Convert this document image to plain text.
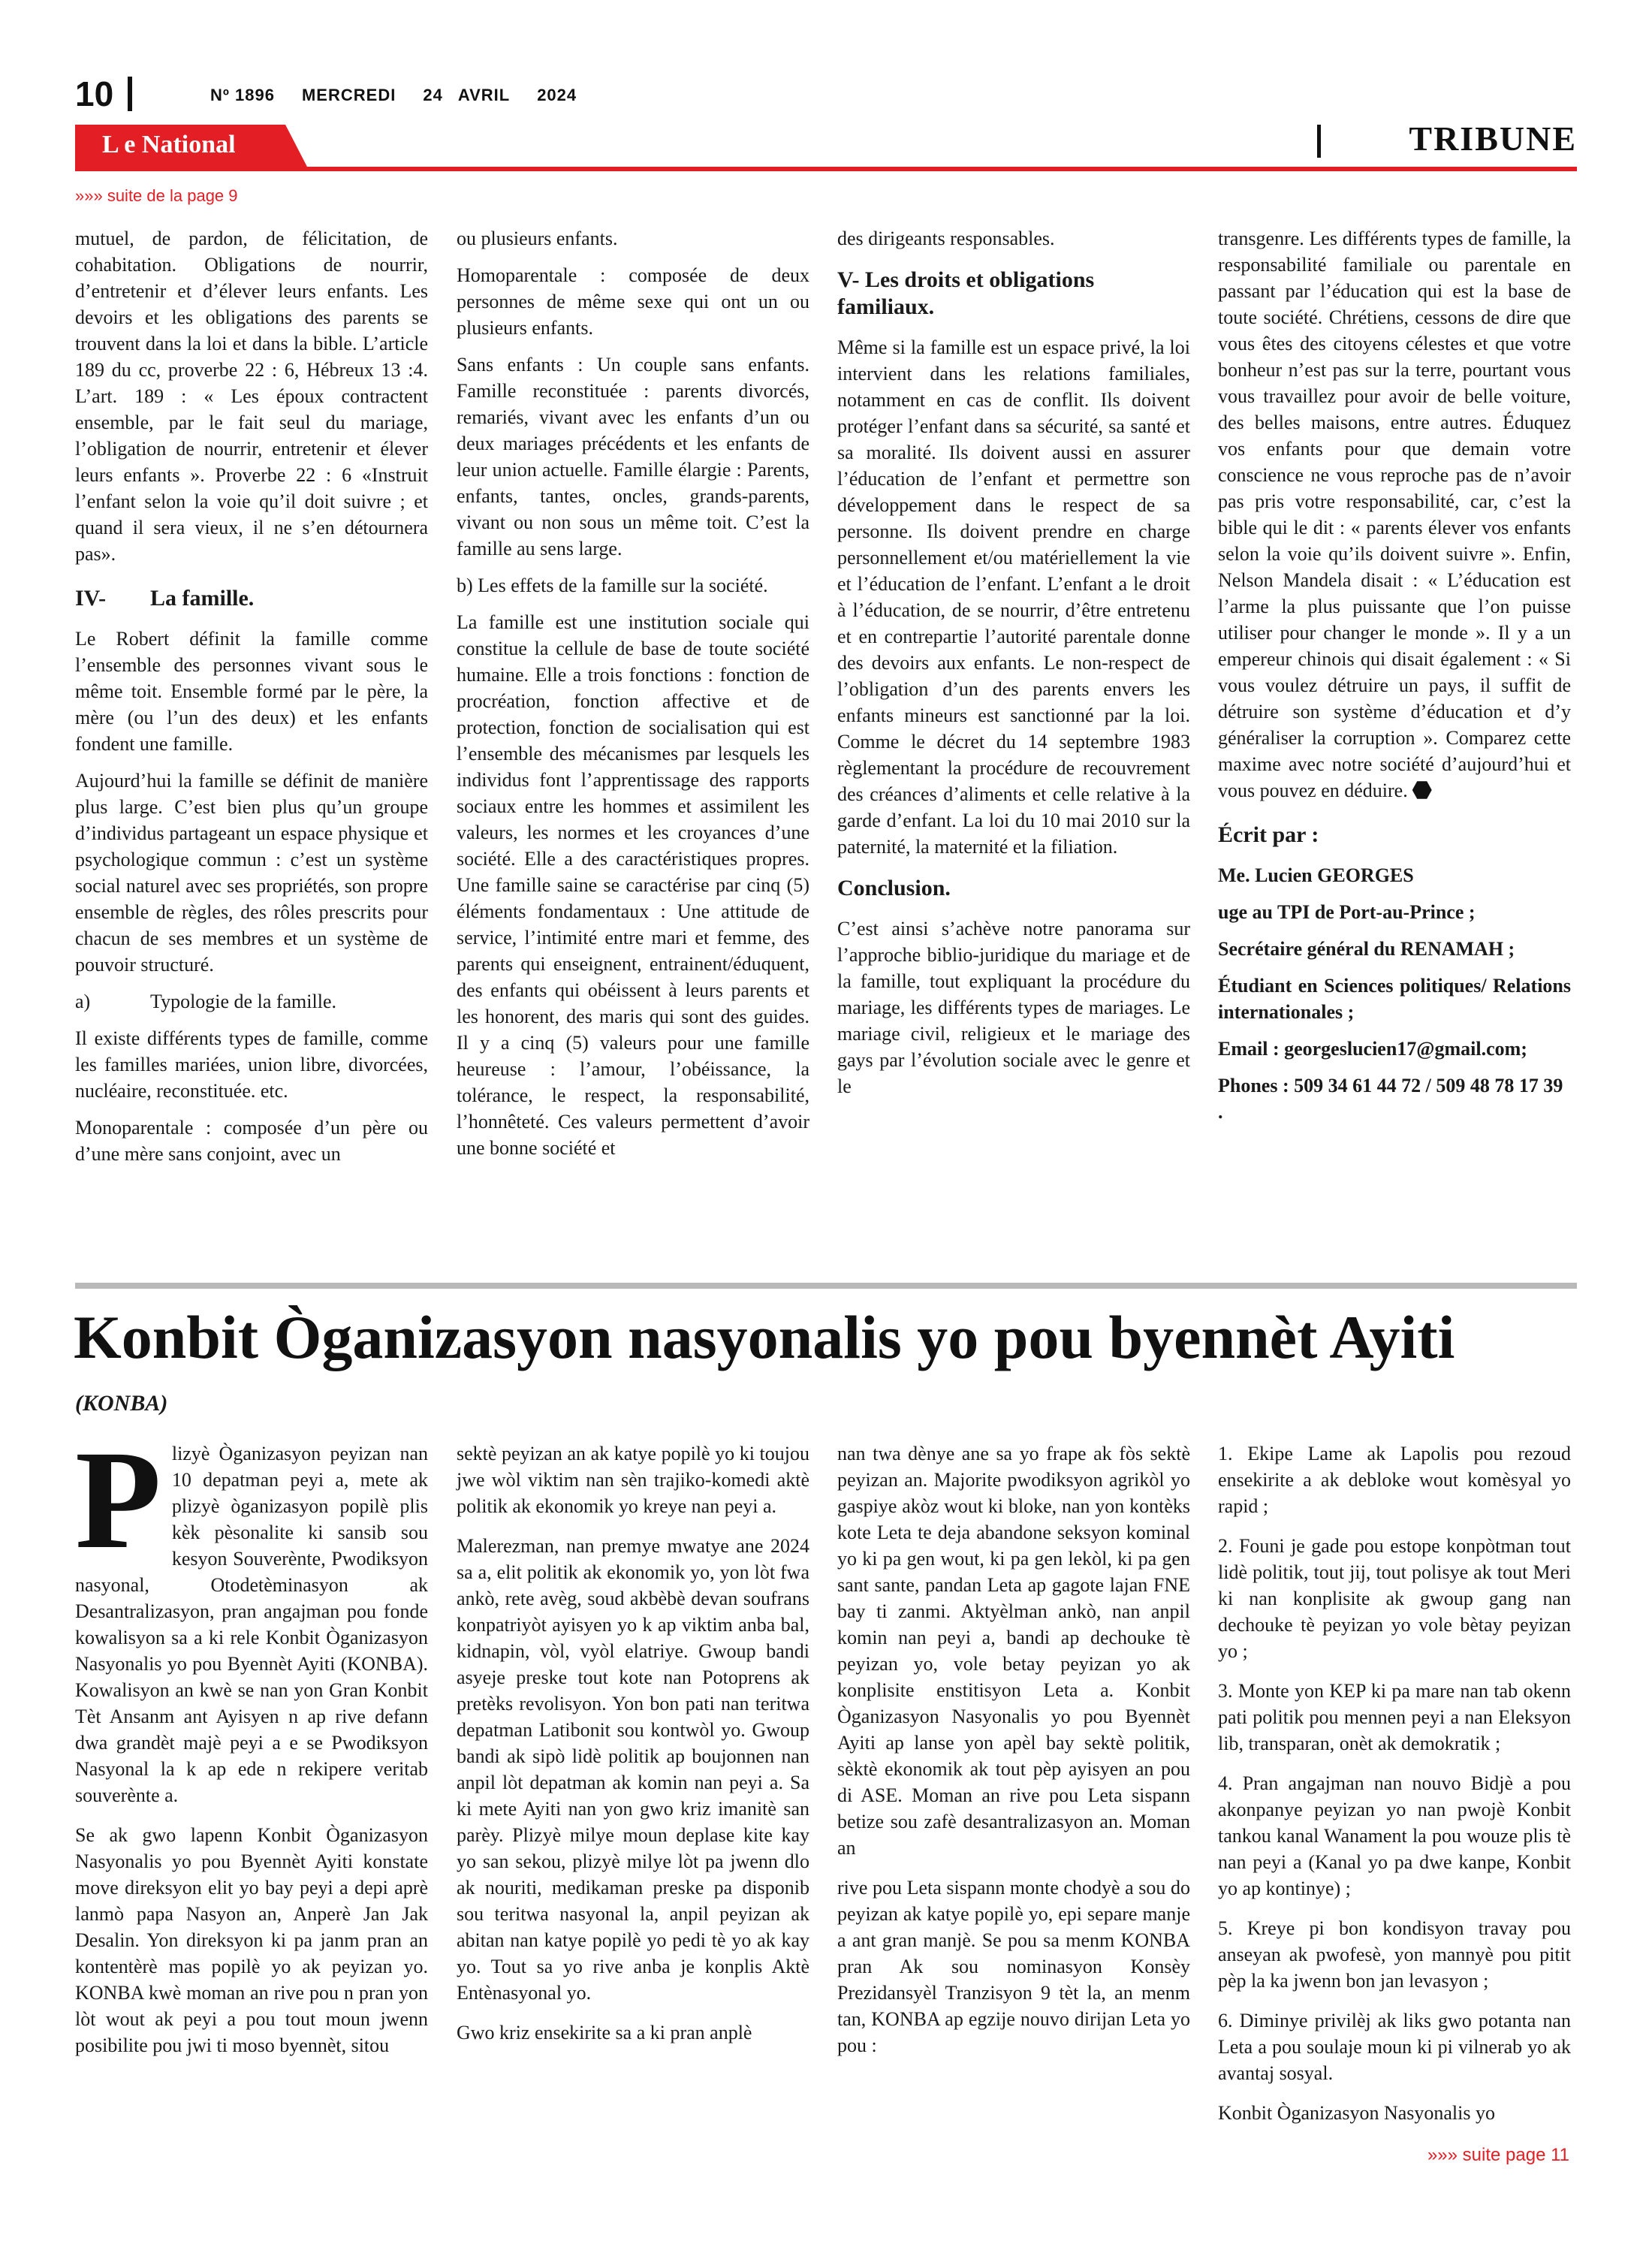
10	Nº 1896 MERCREDI 24 AVRIL 2024
L e National	TRIBUNE
»»» suite de la page 9

mutuel, de pardon, de félicitation, de cohabitation. Obligations de nourrir, d’entretenir et d’élever leurs enfants. Les devoirs et les obligations des parents se trouvent dans la loi et dans la bible. L’article 189 du cc, proverbe 22 : 6, Hébreux 13 :4. L’art. 189 : « Les époux contractent ensemble, par le fait seul du mariage, l’obligation de nourrir, entretenir et élever leurs enfants ». Proverbe 22 : 6 «Instruit l’enfant selon la voie qu’il doit suivre ; et quand il sera vieux, il ne s’en détournera pas».

IV- La famille.

Le Robert définit la famille comme l’ensemble des personnes vivant sous le même toit. Ensemble formé par le père, la mère (ou l’un des deux) et les enfants fondent une famille.

Aujourd’hui la famille se définit de manière plus large. C’est bien plus qu’un groupe d’individus partageant un espace physique et psychologique commun : c’est un système social naturel avec ses propriétés, son propre ensemble de règles, des rôles prescrits pour chacun de ses membres et un système de pouvoir structuré.

a)	Typologie de la famille.

Il existe différents types de famille, comme les familles mariées, union libre, divorcées, nucléaire, reconstituée. etc.

Monoparentale : composée d’un père ou d’une mère sans conjoint, avec un

ou plusieurs enfants.

Homoparentale : composée de deux personnes de même sexe qui ont un ou plusieurs enfants.

Sans enfants : Un couple sans enfants. Famille reconstituée : parents divorcés, remariés, vivant avec les enfants d’un ou deux mariages précédents et les enfants de leur union actuelle. Famille élargie : Parents, enfants, tantes, oncles, grands-parents, vivant ou non sous un même toit. C’est la famille au sens large.

b) Les effets de la famille sur la société.

La famille est une institution sociale qui constitue la cellule de base de toute société humaine. Elle a trois fonctions : fonction de procréation, fonction affective et de protection, fonction de socialisation qui est l’ensemble des mécanismes par lesquels les individus font l’apprentissage des rapports sociaux entre les hommes et assimilent les valeurs, les normes et les croyances d’une société. Elle a des caractéristiques propres. Une famille saine se caractérise par cinq (5) éléments fondamentaux : Une attitude de service, l’intimité entre mari et femme, des parents qui enseignent, entrainent/éduquent, des enfants qui obéissent à leurs parents et les honorent, des maris qui sont des guides. Il y a cinq (5) valeurs pour une famille heureuse : l’amour, l’obéissance, la tolérance, le respect, la responsabilité, l’honnêteté. Ces valeurs permettent d’avoir une bonne société et

des dirigeants responsables.

V- Les droits et obligations familiaux.

Même si la famille est un espace privé, la loi intervient dans les relations familiales, notamment en cas de conflit. Ils doivent protéger l’enfant dans sa sécurité, sa santé et sa moralité. Ils doivent aussi en assurer l’éducation de l’enfant et permettre son développement dans le respect de sa personne. Ils doivent prendre en charge personnellement et/ou matériellement la vie et l’éducation de l’enfant. L’enfant a le droit à l’éducation, de se nourrir, d’être entretenu et en contrepartie l’autorité parentale donne des devoirs aux enfants. Le non-respect de l’obligation d’un des parents envers les enfants mineurs est sanctionné par la loi. Comme le décret du 14 septembre 1983 règlementant la procédure de recouvrement des créances d’aliments et celle relative à la garde d’enfant. La loi du 10 mai 2010 sur la paternité, la maternité et la filiation.

Conclusion.

C’est ainsi s’achève notre panorama sur l’approche biblio-juridique du mariage et de la famille, tout expliquant la procédure du mariage, les différents types de mariages. Le mariage civil, religieux et le mariage des gays par l’évolution sociale avec le genre et le

transgenre. Les différents types de famille, la responsabilité familiale ou parentale en passant par l’éducation qui est la base de toute société. Chrétiens, cessons de dire que vous êtes des citoyens célestes et que votre bonheur n’est pas sur la terre, pourtant vous vous travaillez pour avoir de belle voiture, des belles maisons, entre autres. Éduquez vos enfants pour que demain votre conscience ne vous reproche pas de n’avoir pas pris votre responsabilité, car, c’est la bible qui le dit : « parents élever vos enfants selon la voie qu’ils doivent suivre ». Enfin, Nelson Mandela disait : « L’éducation est l’arme la plus puissante que l’on puisse utiliser pour changer le monde ». Il y a un empereur chinois qui disait également : « Si vous voulez détruire un pays, il suffit de détruire son système d’éducation et d’y généraliser la corruption ». Comparez cette maxime avec notre société d’aujourd’hui et vous pouvez en déduire.

Écrit par :

Me. Lucien GEORGES

uge au TPI de Port-au-Prince ;

Secrétaire général du RENAMAH ;

Étudiant en Sciences politiques/ Relations internationales ;

Email : georgeslucien17@gmail.com;

Phones : 509 34 61 44 72 / 509 48 78 17 39 .

Konbit Òganizasyon nasyonalis yo pou byennèt Ayiti
(KONBA)

Plizyè Òganizasyon peyizan nan 10 depatman peyi a, mete ak plizyè òganizasyon popilè plis kèk pèsonalite ki sansib sou kesyon Souverènte, Pwodiksyon nasyonal, Otodetèminasyon ak Desantralizasyon, pran angajman pou fonde kowalisyon sa a ki rele Konbit Òganizasyon Nasyonalis yo pou Byennèt Ayiti (KONBA). Kowalisyon an kwè se nan yon Gran Konbit Tèt Ansanm ant Ayisyen n ap rive defann dwa grandèt majè peyi a e se Pwodiksyon Nasyonal la k ap ede n rekipere veritab souverènte a.

Se ak gwo lapenn Konbit Òganizasyon Nasyonalis yo pou Byennèt Ayiti konstate move direksyon elit yo bay peyi a depi aprè lanmò papa Nasyon an, Anperè Jan Jak Desalin. Yon direksyon ki pa janm pran an kontentèrè mas popilè yo ak peyizan yo. KONBA kwè moman an rive pou n pran yon lòt wout ak peyi a pou tout moun jwenn posibilite pou jwi ti moso byennèt, sitou

sektè peyizan an ak katye popilè yo ki toujou jwe wòl viktim nan sèn trajiko-komedi aktè politik ak ekonomik yo kreye nan peyi a.

Malerezman, nan premye mwatye ane 2024 sa a, elit politik ak ekonomik yo, yon lòt fwa ankò, rete avèg, soud akbèbè devan soufrans konpatriyòt ayisyen yo k ap viktim anba bal, kidnapin, vòl, vyòl elatriye. Gwoup bandi asyeje preske tout kote nan Potoprens ak pretèks revolisyon. Yon bon pati nan teritwa depatman Latibonit sou kontwòl yo. Gwoup bandi ak sipò lidè politik ap boujonnen nan anpil lòt depatman ak komin nan peyi a. Sa ki mete Ayiti nan yon gwo kriz imanitè san parèy. Plizyè milye moun deplase kite kay yo san sekou, plizyè milye lòt pa jwenn dlo ak nouriti, medikaman preske pa disponib sou teritwa nasyonal la, anpil peyizan ak abitan nan katye popilè yo pedi tè yo ak kay yo. Tout sa yo rive anba je konplis Aktè Entènasyonal yo.

Gwo kriz ensekirite sa a ki pran anplè

nan twa dènye ane sa yo frape ak fòs sektè peyizan an. Majorite pwodiksyon agrikòl yo gaspiye akòz wout ki bloke, nan yon kontèks kote Leta te deja abandone seksyon kominal yo ki pa gen wout, ki pa gen lekòl, ki pa gen sant sante, pandan Leta ap gagote lajan FNE bay ti zanmi. Aktyèlman ankò, nan anpil komin nan peyi a, bandi ap dechouke tè peyizan yo, vole betay peyizan yo ak konplisite enstitisyon Leta a. Konbit Òganizasyon Nasyonalis yo pou Byennèt Ayiti ap lanse yon apèl bay sektè politik, sèktè ekonomik ak tout pèp ayisyen an pou di ASE. Moman an rive pou Leta sispann betize sou zafè desantralizasyon an. Moman an

rive pou Leta sispann monte chodyè a sou do peyizan ak katye popilè yo, epi separe manje a ant gran manjè. Se pou sa menm KONBA pran Ak sou nominasyon Konsèy Prezidansyèl Tranzisyon 9 tèt la, an menm tan, KONBA ap egzije nouvo dirijan Leta yo pou :

1. Ekipe Lame ak Lapolis pou rezoud ensekirite a ak debloke wout komèsyal yo rapid ;

2. Founi je gade pou estope konpòtman tout lidè politik, tout jij, tout polisye ak tout Meri ki nan konplisite ak gwoup gang nan dechouke tè peyizan yo vole bètay peyizan yo ;

3. Monte yon KEP ki pa mare nan tab okenn pati politik pou mennen peyi a nan Eleksyon lib, transparan, onèt ak demokratik ;

4. Pran angajman nan nouvo Bidjè a pou akonpanye peyizan yo nan pwojè Konbit tankou kanal Wanament la pou wouze plis tè nan peyi a (Kanal yo pa dwe kanpe, Konbit yo ap kontinye) ;

5. Kreye pi bon kondisyon travay pou anseyan ak pwofesè, yon mannyè pou pitit pèp la ka jwenn bon jan levasyon ;

6. Diminye privilèj ak liks gwo potanta nan Leta a pou soulaje moun ki pi vilnerab yo ak avantaj sosyal.

Konbit Òganizasyon Nasyonalis yo

»»» suite page 11
